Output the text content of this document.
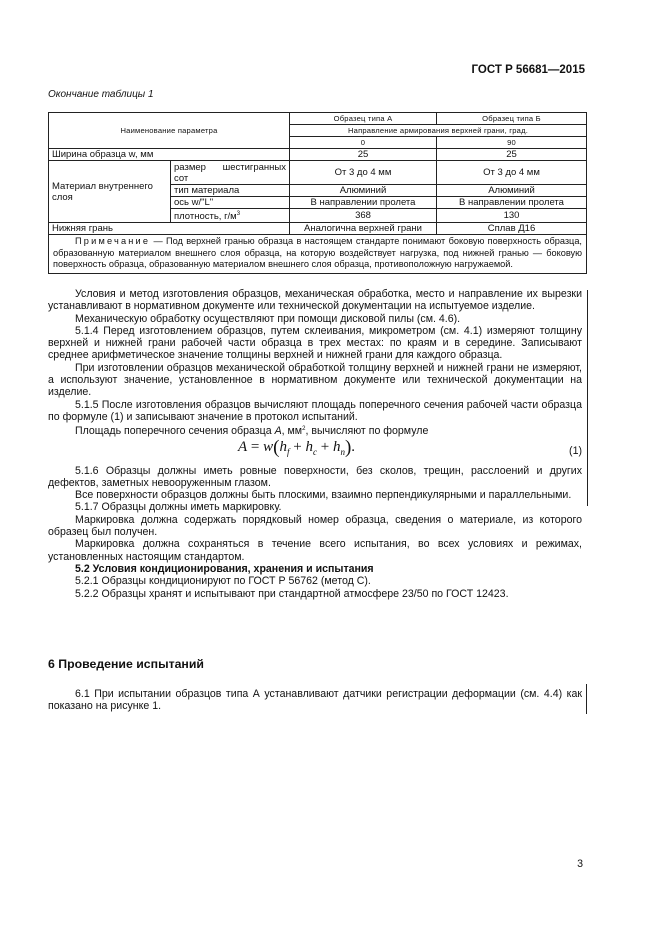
ГОСТ Р 56681—2015
Окончание таблицы 1
Наименование параметра		Образец типа А	Образец типа Б
		Направление армирования верхней грани, град.	
		0	90
Ширина образца w, мм		25	25
Материал внутреннего слоя	размер шестигранных сот	От 3 до 4 мм	От 3 до 4 мм
	тип материала	Алюминий	Алюминий
	ось w/"L"	В направлении пролета	В направлении пролета
	плотность, $г/м^3$	368	130
Нижняя грань		Аналогична верхней грани	Сплав Д16
Примечание — Под верхней гранью образца в настоящем стандарте понимают боковую поверхность образца, образованную материалом внешнего слоя образца, на которую воздействует нагрузка, под нижней гранью — боковую поверхность образца, образованную материалом внешнего слоя образца, противоположную нагружаемой.			

Условия и метод изготовления образцов, механическая обработка, место и направление их вырезки устанавливают в нормативном документе или технической документации на испытуемое изделие.

Механическую обработку осуществляют при помощи дисковой пилы (см. 4.6).

5.1.4 Перед изготовлением образцов, путем склеивания, микрометром (см. 4.1) измеряют толщину верхней и нижней грани рабочей части образца в трех местах: по краям и в середине. Записывают среднее арифметическое значение толщины верхней и нижней грани для каждого образца.

При изготовлении образцов механической обработкой толщину верхней и нижней грани не измеряют, а используют значение, установленное в нормативном документе или технической документации на изделие.

5.1.5 После изготовления образцов вычисляют площадь поперечного сечения рабочей части образца по формуле (1) и записывают значение в протокол испытаний.

Площадь поперечного сечения образца A, $мм^2$, вычисляют по формуле

$A = w(h_f + h_c + h_n)$.	(1)

5.1.6 Образцы должны иметь ровные поверхности, без сколов, трещин, расслоений и других дефектов, заметных невооруженным глазом.

Все поверхности образцов должны быть плоскими, взаимно перпендикулярными и параллельными.

5.1.7 Образцы должны иметь маркировку.

Маркировка должна содержать порядковый номер образца, сведения о материале, из которого образец был получен.

Маркировка должна сохраняться в течение всего испытания, во всех условиях и режимах, установленных настоящим стандартом.

5.2 Условия кондиционирования, хранения и испытания

5.2.1 Образцы кондиционируют по ГОСТ Р 56762 (метод С).

5.2.2 Образцы хранят и испытывают при стандартной атмосфере 23/50 по ГОСТ 12423.

6 Проведение испытаний

6.1 При испытании образцов типа А устанавливают датчики регистрации деформации (см. 4.4) как показано на рисунке 1.

3
